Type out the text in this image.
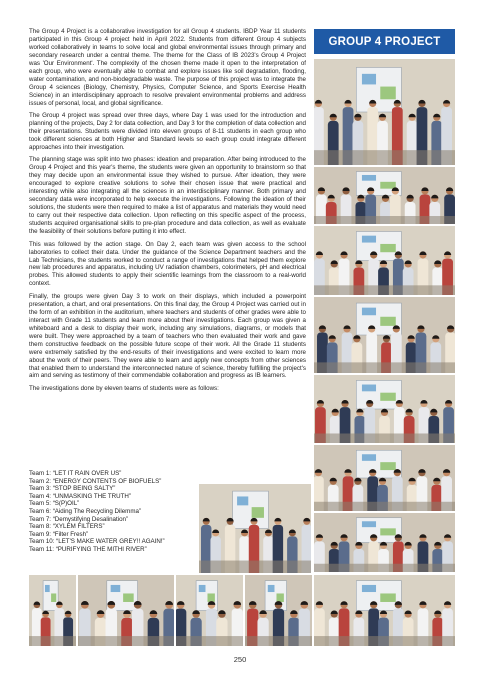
The Group 4 Project is a collaborative investigation for all Group 4 students. IBDP Year 11 students participated in this Group 4 project held in April 2022. Students from different Group 4 subjects worked collaboratively in teams to solve local and global environmental issues through primary and secondary research under a central theme. The theme for the Class of IB 2023's Group 4 Project was 'Our Environment'. The complexity of the chosen theme made it open to the interpretation of each group, who were eventually able to combat and explore issues like soil degradation, flooding, water contamination, and non-biodegradable waste. The purpose of this project was to integrate the Group 4 sciences (Biology, Chemistry, Physics, Computer Science, and Sports Exercise Health Science) in an interdisciplinary approach to resolve prevalent environmental problems and address issues of personal, local, and global significance.

The Group 4 project was spread over three days, where Day 1 was used for the introduction and planning of the projects, Day 2 for data collection, and Day 3 for the completion of data collection and their presentations. Students were divided into eleven groups of 8-11 students in each group who took different sciences at both Higher and Standard levels so each group could integrate different approaches into their investigation.

The planning stage was split into two phases: ideation and preparation. After being introduced to the Group 4 Project and this year's theme, the students were given an opportunity to brainstorm so that they may decide upon an environmental issue they wished to pursue. After ideation, they were encouraged to explore creative solutions to solve their chosen issue that were practical and interesting while also integrating all the sciences in an interdisciplinary manner. Both primary and secondary data were incorporated to help execute the investigations. Following the ideation of their solutions, the students were then required to make a list of apparatus and materials they would need to carry out their respective data collection. Upon reflecting on this specific aspect of the process, students acquired organisational skills to pre-plan procedure and data collection, as well as evaluate the feasibility of their solutions before putting it into effect.

This was followed by the action stage. On Day 2, each team was given access to the school laboratories to collect their data. Under the guidance of the Science Department teachers and the Lab Technicians, the students worked to conduct a range of investigations that helped them explore new lab procedures and apparatus, including UV radiation chambers, colorimeters, pH and electrical probes. This allowed students to apply their scientific learnings from the classroom to a real-world context.

Finally, the groups were given Day 3 to work on their displays, which included a powerpoint presentation, a chart, and oral presentations. On this final day, the Group 4 Project was carried out in the form of an exhibition in the auditorium, where teachers and students of other grades were able to interact with Grade 11 students and learn more about their investigations. Each group was given a whiteboard and a desk to display their work, including any simulations, diagrams, or models that were built. They were approached by a team of teachers who then evaluated their work and gave them constructive feedback on the possible future scope of their work. All the Grade 11 students were extremely satisfied by the end-results of their investigations and were excited to learn more about the work of their peers. They were able to learn and apply new concepts from other sciences that enabled them to understand the interconnected nature of science, thereby fulfilling the project's aim and serving as testimony of their commendable collaboration and progress as IB learners.

The investigations done by eleven teams of students were as follows:

Team 1: “LET IT RAIN OVER US”
Team 2: “ENERGY CONTENTS OF BIOFUELS”
Team 3: “STOP BEING SALTY”
Team 4: “UNMASKING THE TRUTH”
Team 5: “S(P)OIL”
Team 6: “Aiding The Recycling Dilemma”
Team 7: “Demystifying Desalination”
Team 8: “XYLEM FILTERS”
Team 9: “Filter Fresh”
Team 10: “LET'S MAKE WATER GREY!! AGAIN!”
Team 11: “PURIFYING THE MITHI RIVER”
GROUP 4 PROJECT
250
